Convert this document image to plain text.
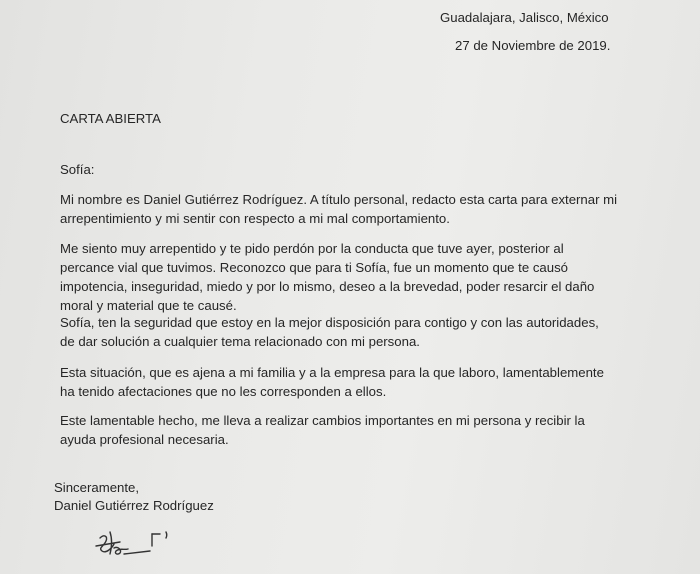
Guadalajara, Jalisco, México

27 de Noviembre de 2019.

CARTA ABIERTA

Sofía:

Mi nombre es Daniel Gutiérrez Rodríguez. A título personal, redacto esta carta para externar mi
arrepentimiento y mi sentir con respecto a mi mal comportamiento.
Me siento muy arrepentido y te pido perdón por la conducta que tuve ayer, posterior al
percance vial que tuvimos. Reconozco que para ti Sofía, fue un momento que te causó
impotencia, inseguridad, miedo y por lo mismo, deseo a la brevedad, poder resarcir el daño
moral y material que te causé.
Sofía, ten la seguridad que estoy en la mejor disposición para contigo y con las autoridades,
de dar solución a cualquier tema relacionado con mi persona.
Esta situación, que es ajena a mi familia y a la empresa para la que laboro, lamentablemente
ha tenido afectaciones que no les corresponden a ellos.
Este lamentable hecho, me lleva a realizar cambios importantes en mi persona y recibir la
ayuda profesional necesaria.

Sinceramente,

Daniel Gutiérrez Rodríguez
